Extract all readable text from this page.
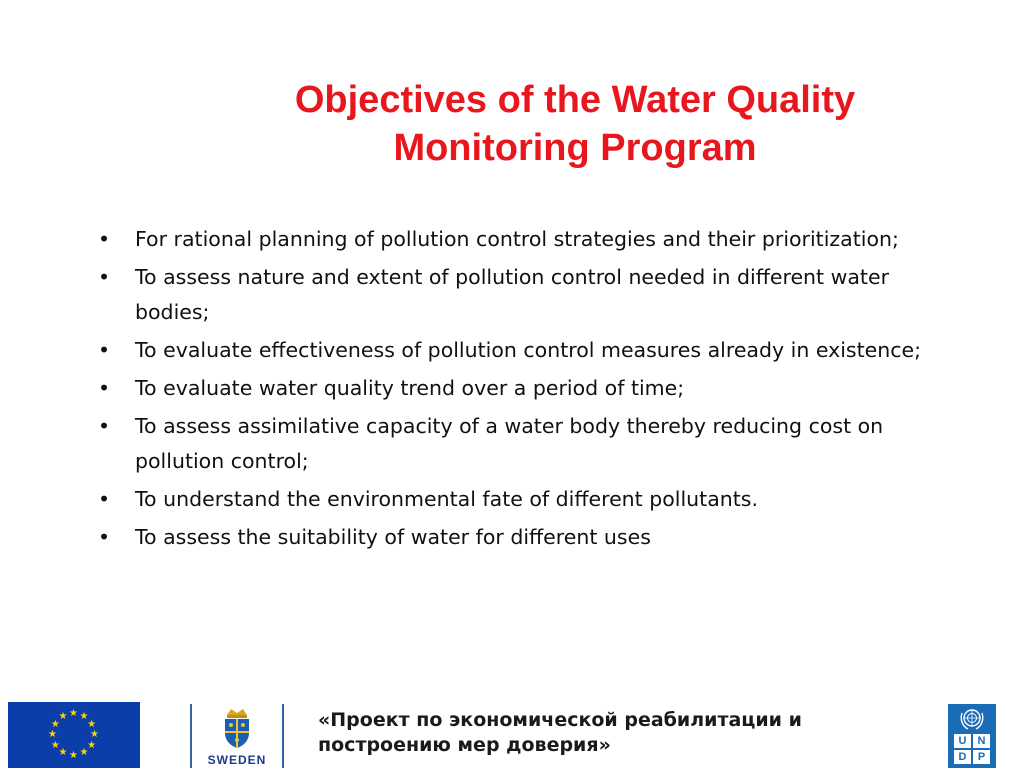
Objectives of the Water Quality
Monitoring Program
•	For rational planning of pollution control strategies and their prioritization;
•	To assess nature and extent of pollution control needed in different water bodies;
•	To evaluate effectiveness of pollution control measures already in existence;
•	To evaluate water quality trend over a period of time;
•	To assess assimilative capacity of a water body thereby reducing cost on pollution control;
•	To understand the environmental fate of different pollutants.
•	To assess the suitability of water for different uses
★ ★
★
★
★
★
★
★
★
★
★
★
SWEDEN

«Проект по экономической реабилитации и
построению мер доверия»	U	N
D	P
